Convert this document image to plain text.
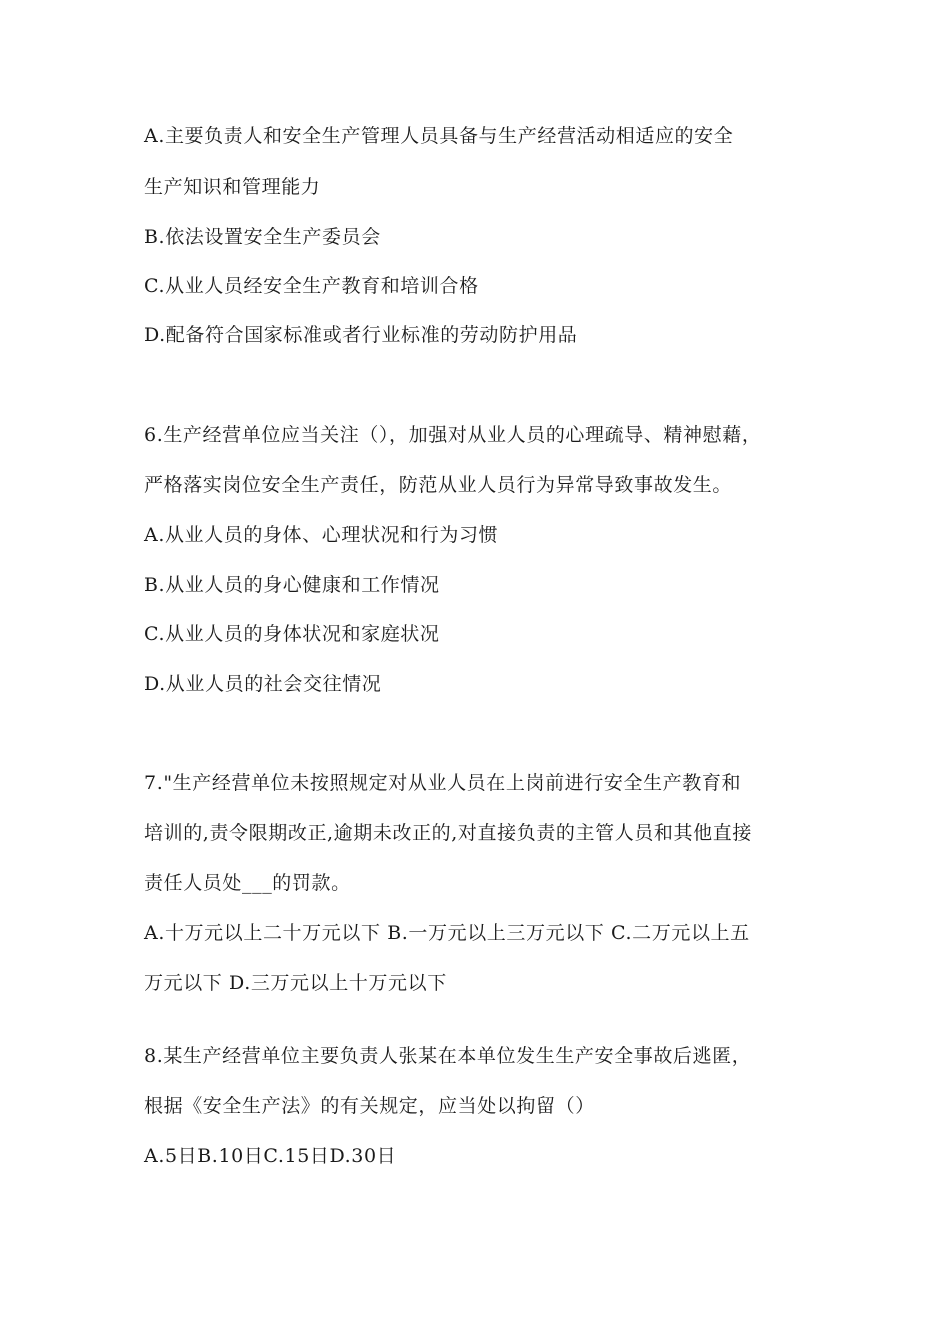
A.主要负责人和安全生产管理人员具备与生产经营活动相适应的安全
生产知识和管理能力
B.依法设置安全生产委员会
C.从业人员经安全生产教育和培训合格
D.配备符合国家标准或者行业标准的劳动防护用品
6.生产经营单位应当关注（），加强对从业人员的心理疏导、精神慰藉，
严格落实岗位安全生产责任，防范从业人员行为异常导致事故发生。
A.从业人员的身体、心理状况和行为习惯
B.从业人员的身心健康和工作情况
C.从业人员的身体状况和家庭状况
D.从业人员的社会交往情况
7."生产经营单位未按照规定对从业人员在上岗前进行安全生产教育和
培训的,责令限期改正,逾期未改正的,对直接负责的主管人员和其他直接
责任人员处___的罚款。
A.十万元以上二十万元以下 B.一万元以上三万元以下 C.二万元以上五
万元以下 D.三万元以上十万元以下
8.某生产经营单位主要负责人张某在本单位发生生产安全事故后逃匿，
根据《安全生产法》的有关规定，应当处以拘留（）
A.5日B.10日C.15日D.30日
